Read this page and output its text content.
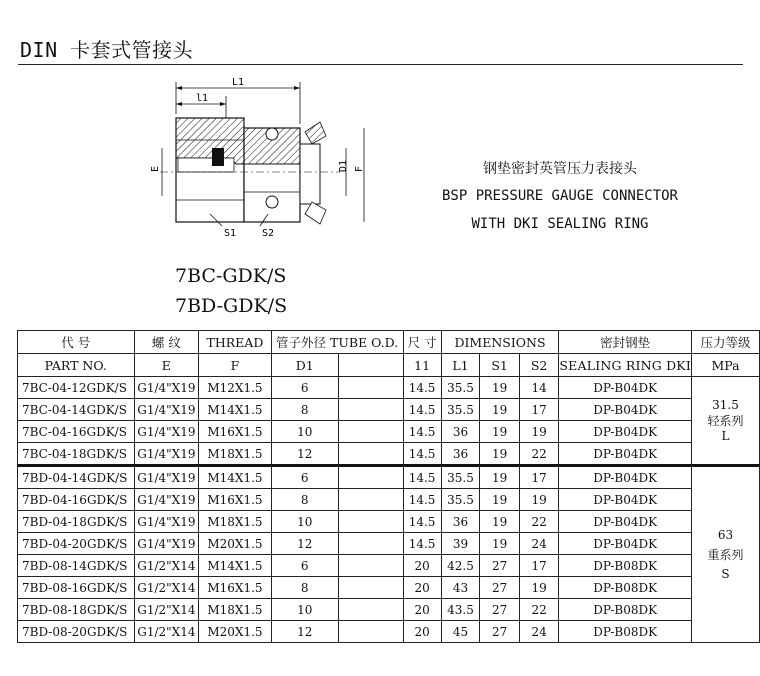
DIN 卡套式管接头
L1
l1
E	D1 F
S1	S2
钢垫密封英管压力表接头
BSP PRESSURE GAUGE CONNECTOR
WITH DKI SEALING RING
7BC-GDK/S
7BD-GDK/S
代 号	螺 纹	THREAD	管子外径 TUBE O.D.		尺 寸	DIMENSIONS			密封钢垫	压力等级
PART NO.	E	F	D1		11	L1	S1	S2	SEALING RING DKI	MPa
7BC-04-12GDK/S	G1/4"X19	M12X1.5	6		14.5	35.5	19	14	DP-B04DK	31.5
轻系列
L

7BC-04-14GDK/S	G1/4"X19	M14X1.5	8		14.5	35.5	19	17	DP-B04DK	
7BC-04-16GDK/S	G1/4"X19	M16X1.5	10		14.5	36	19	19	DP-B04DK	
7BC-04-18GDK/S	G1/4"X19	M18X1.5	12		14.5	36	19	22	DP-B04DK	
7BD-04-14GDK/S	G1/4"X19	M14X1.5	6		14.5	35.5	19	17	DP-B04DK	63
重系列
S

7BD-04-16GDK/S	G1/4"X19	M16X1.5	8		14.5	35.5	19	19	DP-B04DK	
7BD-04-18GDK/S	G1/4"X19	M18X1.5	10		14.5	36	19	22	DP-B04DK	
7BD-04-20GDK/S	G1/4"X19	M20X1.5	12		14.5	39	19	24	DP-B04DK	
7BD-08-14GDK/S	G1/2"X14	M14X1.5	6		20	42.5	27	17	DP-B08DK	
7BD-08-16GDK/S	G1/2"X14	M16X1.5	8		20	43	27	19	DP-B08DK	
7BD-08-18GDK/S	G1/2"X14	M18X1.5	10		20	43.5	27	22	DP-B08DK	
7BD-08-20GDK/S	G1/2"X14	M20X1.5	12		20	45	27	24	DP-B08DK	
